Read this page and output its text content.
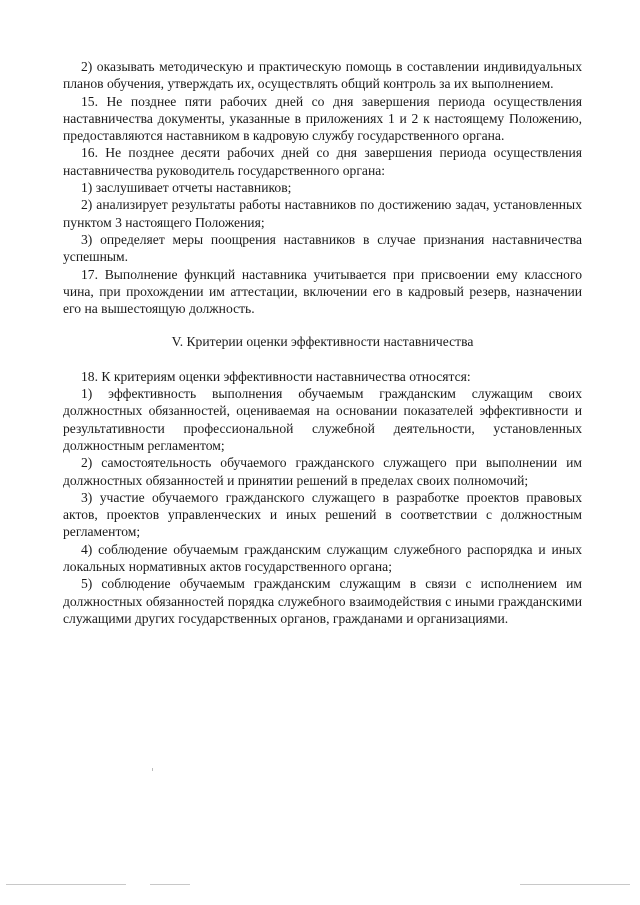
2) оказывать методическую и практическую помощь в составлении индивидуальных планов обучения, утверждать их, осуществлять общий контроль за их выполнением.

15. Не позднее пяти рабочих дней со дня завершения периода осуществления наставничества документы, указанные в приложениях 1 и 2 к настоящему Положению, предоставляются наставником в кадровую службу государственного органа.

16. Не позднее десяти рабочих дней со дня завершения периода осуществления наставничества руководитель государственного органа:

1) заслушивает отчеты наставников;

2) анализирует результаты работы наставников по достижению задач, установленных пунктом 3 настоящего Положения;

3) определяет меры поощрения наставников в случае признания наставничества успешным.

17. Выполнение функций наставника учитывается при присвоении ему классного чина, при прохождении им аттестации, включении его в кадровый резерв, назначении его на вышестоящую должность.

V. Критерии оценки эффективности наставничества

18. К критериям оценки эффективности наставничества относятся:

1) эффективность выполнения обучаемым гражданским служащим своих должностных обязанностей, оцениваемая на основании показателей эффективности и результативности профессиональной служебной деятельности, установленных должностным регламентом;

2) самостоятельность обучаемого гражданского служащего при выполнении им должностных обязанностей и принятии решений в пределах своих полномочий;

3) участие обучаемого гражданского служащего в разработке проектов правовых актов, проектов управленческих и иных решений в соответствии с должностным регламентом;

4) соблюдение обучаемым гражданским служащим служебного распорядка и иных локальных нормативных актов государственного органа;

5) соблюдение обучаемым гражданским служащим в связи с исполнением им должностных обязанностей порядка служебного взаимодействия с иными гражданскими служащими других государственных органов, гражданами и организациями.
